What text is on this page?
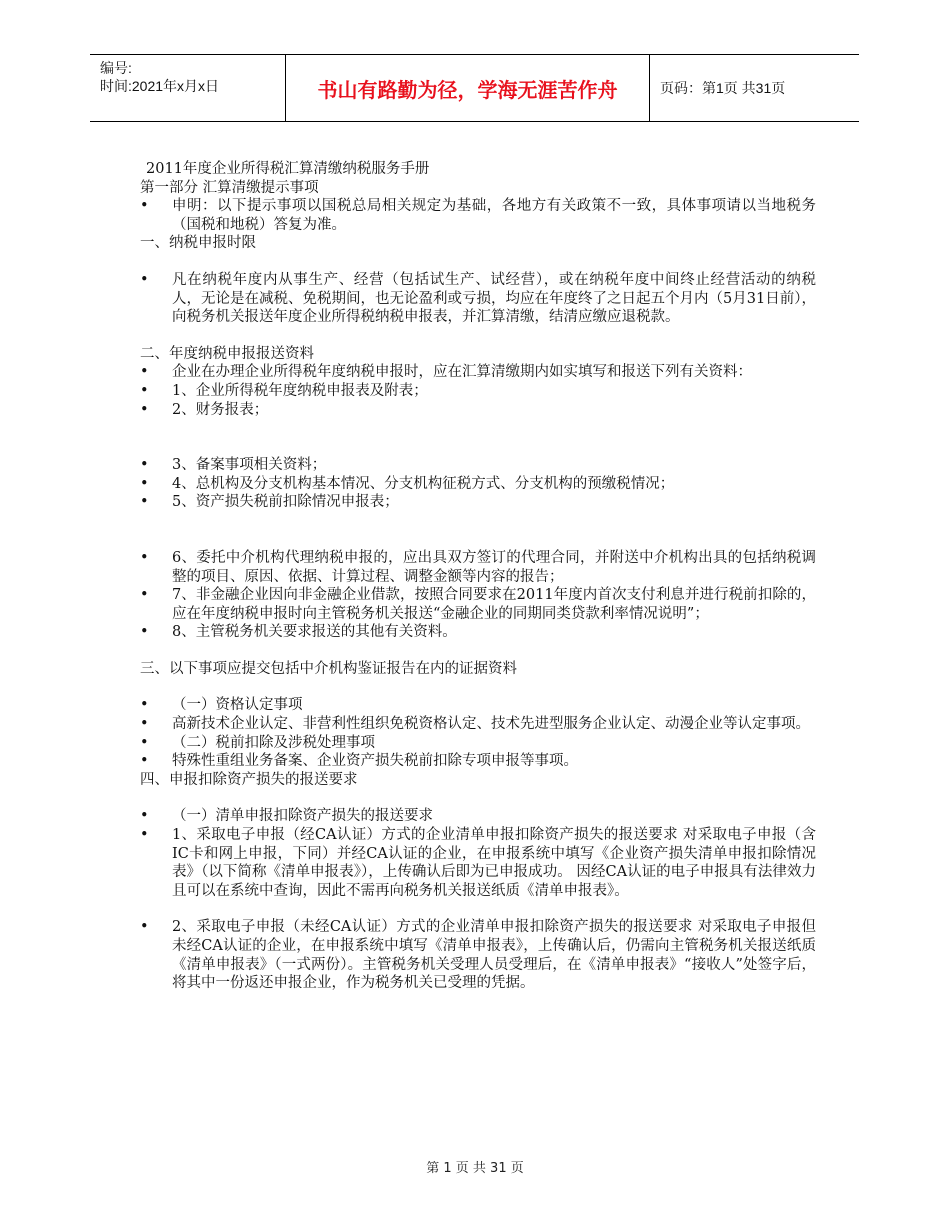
编号:
时间:2021年x月x日	书山有路勤为径，学海无涯苦作舟	页码：第1页 共31页

2011年度企业所得税汇算清缴纳税服务手册

第一部分 汇算清缴提示事项

•	申明：以下提示事项以国税总局相关规定为基础，各地方有关政策不一致，具体事项请以当地税务（国税和地税）答复为准。

一、纳税申报时限

•	凡在纳税年度内从事生产、经营（包括试生产、试经营），或在纳税年度中间终止经营活动的纳税人，无论是在减税、免税期间，也无论盈利或亏损，均应在年度终了之日起五个月内（5月31日前），向税务机关报送年度企业所得税纳税申报表，并汇算清缴，结清应缴应退税款。

二、年度纳税申报报送资料

•	企业在办理企业所得税年度纳税申报时，应在汇算清缴期内如实填写和报送下列有关资料：

•	1、企业所得税年度纳税申报表及附表；

•	2、财务报表；

•	3、备案事项相关资料；

•	4、总机构及分支机构基本情况、分支机构征税方式、分支机构的预缴税情况；

•	5、资产损失税前扣除情况申报表；

•	6、委托中介机构代理纳税申报的，应出具双方签订的代理合同，并附送中介机构出具的包括纳税调整的项目、原因、依据、计算过程、调整金额等内容的报告；

•	7、非金融企业因向非金融企业借款，按照合同要求在2011年度内首次支付利息并进行税前扣除的，应在年度纳税申报时向主管税务机关报送“金融企业的同期同类贷款利率情况说明”；

•	8、主管税务机关要求报送的其他有关资料。

三、以下事项应提交包括中介机构鉴证报告在内的证据资料

•	（一）资格认定事项

•	高新技术企业认定、非营利性组织免税资格认定、技术先进型服务企业认定、动漫企业等认定事项。

•	（二）税前扣除及涉税处理事项

•	特殊性重组业务备案、企业资产损失税前扣除专项申报等事项。

四、申报扣除资产损失的报送要求

•	（一）清单申报扣除资产损失的报送要求

•	1、采取电子申报（经CA认证）方式的企业清单申报扣除资产损失的报送要求 对采取电子申报（含IC卡和网上申报，下同）并经CA认证的企业，在申报系统中填写《企业资产损失清单申报扣除情况表》（以下简称《清单申报表》），上传确认后即为已申报成功。 因经CA认证的电子申报具有法律效力且可以在系统中查询，因此不需再向税务机关报送纸质《清单申报表》。

•	2、采取电子申报（未经CA认证）方式的企业清单申报扣除资产损失的报送要求 对采取电子申报但未经CA认证的企业，在申报系统中填写《清单申报表》，上传确认后，仍需向主管税务机关报送纸质《清单申报表》（一式两份）。主管税务机关受理人员受理后，在《清单申报表》“接收人”处签字后，将其中一份返还申报企业，作为税务机关已受理的凭据。

第 1 页 共 31 页
